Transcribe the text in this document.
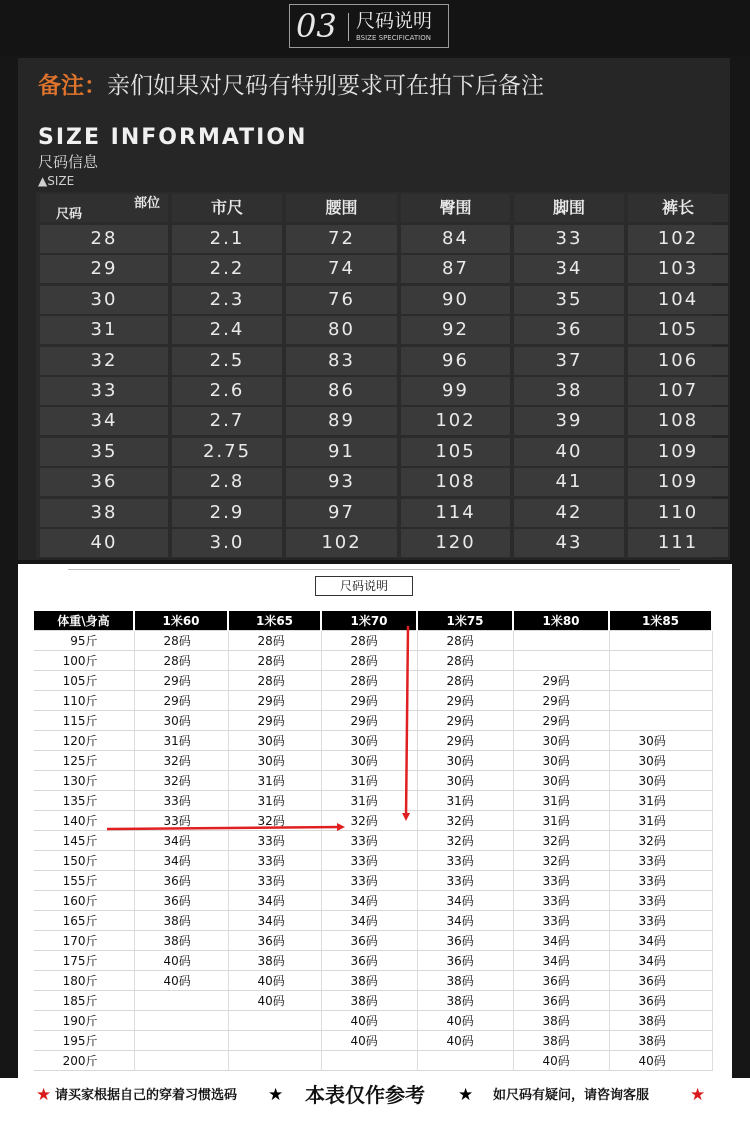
03 尺码说明
BSIZE SPECIFICATION
备注：亲们如果对尺码有特别要求可在拍下后备注
SIZE INFORMATION
尺码信息
▲SIZE
部位
尺码	市尺	腰围	臀围	脚围	裤长
28	2.1	72	84	33	102
29	2.2	74	87	34	103
30	2.3	76	90	35	104
31	2.4	80	92	36	105
32	2.5	83	96	37	106
33	2.6	86	99	38	107
34	2.7	89	102	39	108
35	2.75	91	105	40	109
36	2.8	93	108	41	109
38	2.9	97	114	42	110
40	3.0	102	120	43	111
尺码说明
体重\身高	1米60	1米65	1米70	1米75	1米80	1米85
95斤	28码	28码	28码	28码		
100斤	28码	28码	28码	28码		
105斤	29码	28码	28码	28码	29码	
110斤	29码	29码	29码	29码	29码	
115斤	30码	29码	29码	29码	29码	
120斤	31码	30码	30码	29码	30码	30码
125斤	32码	30码	30码	30码	30码	30码
130斤	32码	31码	31码	30码	30码	30码
135斤	33码	31码	31码	31码	31码	31码
140斤	33码	32码	32码	32码	31码	31码
145斤	34码	33码	33码	32码	32码	32码
150斤	34码	33码	33码	33码	32码	33码
155斤	36码	33码	33码	33码	33码	33码
160斤	36码	34码	34码	34码	33码	33码
165斤	38码	34码	34码	34码	33码	33码
170斤	38码	36码	36码	36码	34码	34码
175斤	40码	38码	36码	36码	34码	34码
180斤	40码	40码	38码	38码	36码	36码
185斤		40码	38码	38码	36码	36码
190斤			40码	40码	38码	38码
195斤			40码	40码	38码	38码
200斤					40码	40码
★ 请买家根据自己的穿着习惯选码 ★ 本表仅作参考 ★ 如尺码有疑问，请咨询客服 ★
